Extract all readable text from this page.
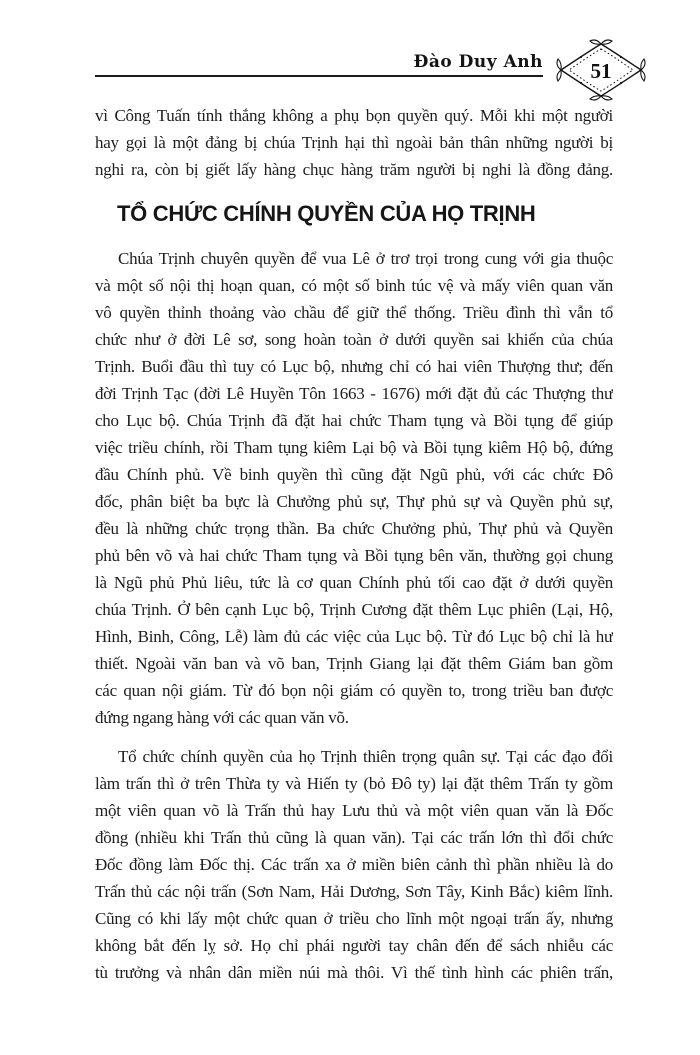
Đào Duy Anh 51
vì Công Tuấn tính thắng không a phụ bọn quyền quý. Mỗi khi một người
hay gọi là một đảng bị chúa Trịnh hại thì ngoài bản thân những người bị
nghi ra, còn bị giết lấy hàng chục hàng trăm người bị nghi là đồng đảng.
TỔ CHỨC CHÍNH QUYỀN CỦA HỌ TRỊNH
Chúa Trịnh chuyên quyền để vua Lê ở trơ trọi trong cung với gia thuộc
và một số nội thị hoạn quan, có một số binh túc vệ và mấy viên quan văn
vô quyền thỉnh thoảng vào chầu để giữ thể thống. Triều đình thì vẫn tổ
chức như ở đời Lê sơ, song hoàn toàn ở dưới quyền sai khiến của chúa
Trịnh. Buổi đầu thì tuy có Lục bộ, nhưng chỉ có hai viên Thượng thư; đến
đời Trịnh Tạc (đời Lê Huyền Tôn 1663 - 1676) mới đặt đủ các Thượng thư
cho Lục bộ. Chúa Trịnh đã đặt hai chức Tham tụng và Bồi tụng để giúp
việc triều chính, rồi Tham tụng kiêm Lại bộ và Bồi tụng kiêm Hộ bộ, đứng
đầu Chính phủ. Về binh quyền thì cũng đặt Ngũ phủ, với các chức Đô
đốc, phân biệt ba bực là Chưởng phủ sự, Thự phủ sự và Quyền phủ sự,
đều là những chức trọng thần. Ba chức Chưởng phủ, Thự phủ và Quyền
phủ bên võ và hai chức Tham tụng và Bồi tụng bên văn, thường gọi chung
là Ngũ phủ Phủ liêu, tức là cơ quan Chính phủ tối cao đặt ở dưới quyền
chúa Trịnh. Ở bên cạnh Lục bộ, Trịnh Cương đặt thêm Lục phiên (Lại, Hộ,
Hình, Binh, Công, Lễ) làm đủ các việc của Lục bộ. Từ đó Lục bộ chỉ là hư
thiết. Ngoài văn ban và võ ban, Trịnh Giang lại đặt thêm Giám ban gồm
các quan nội giám. Từ đó bọn nội giám có quyền to, trong triều ban được
đứng ngang hàng với các quan văn võ.
Tổ chức chính quyền của họ Trịnh thiên trọng quân sự. Tại các đạo đổi
làm trấn thì ở trên Thừa ty và Hiến ty (bỏ Đô ty) lại đặt thêm Trấn ty gồm
một viên quan võ là Trấn thủ hay Lưu thủ và một viên quan văn là Đốc
đồng (nhiều khi Trấn thủ cũng là quan văn). Tại các trấn lớn thì đổi chức
Đốc đồng làm Đốc thị. Các trấn xa ở miền biên cảnh thì phần nhiều là do
Trấn thủ các nội trấn (Sơn Nam, Hải Dương, Sơn Tây, Kinh Bắc) kiêm lĩnh.
Cũng có khi lấy một chức quan ở triều cho lĩnh một ngoại trấn ấy, nhưng
không bắt đến lỵ sở. Họ chỉ phái người tay chân đến để sách nhiễu các
tù trưởng và nhân dân miền núi mà thôi. Vì thế tình hình các phiên trấn,
